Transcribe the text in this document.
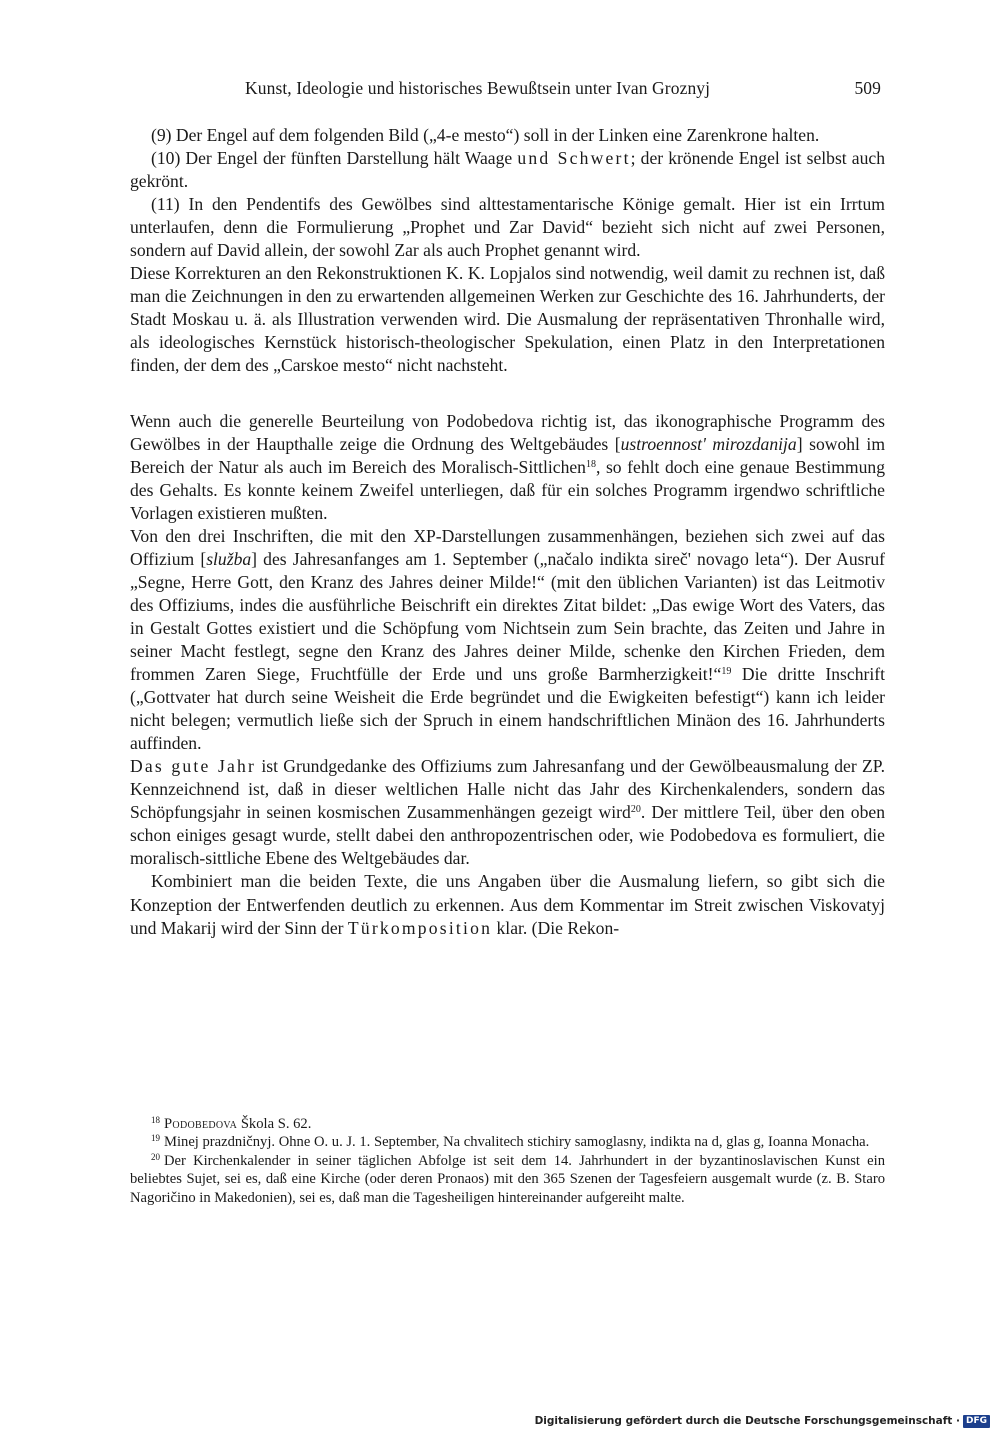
Kunst, Ideologie und historisches Bewußtsein unter Ivan Groznyj	509

(9) Der Engel auf dem folgenden Bild („4-e mesto“) soll in der Linken eine Zarenkrone halten.

(10) Der Engel der fünften Darstellung hält Waage und Schwert; der krönende Engel ist selbst auch gekrönt.

(11) In den Pendentifs des Gewölbes sind alttestamentarische Könige gemalt. Hier ist ein Irrtum unterlaufen, denn die Formulierung „Prophet und Zar David“ bezieht sich nicht auf zwei Personen, sondern auf David allein, der sowohl Zar als auch Prophet genannt wird.

Diese Korrekturen an den Rekonstruktionen K. K. Lopjalos sind notwendig, weil damit zu rechnen ist, daß man die Zeichnungen in den zu erwartenden allgemeinen Werken zur Geschichte des 16. Jahrhunderts, der Stadt Moskau u. ä. als Illustration verwenden wird. Die Ausmalung der repräsentativen Thronhalle wird, als ideologisches Kernstück historisch-theologischer Spekulation, einen Platz in den Interpretationen finden, der dem des „Carskoe mesto“ nicht nachsteht.

Wenn auch die generelle Beurteilung von Podobedova richtig ist, das ikonographische Programm des Gewölbes in der Haupthalle zeige die Ordnung des Weltgebäudes [ustroennost' mirozdanija] sowohl im Bereich der Natur als auch im Bereich des Moralisch-Sittlichen$^{18}$, so fehlt doch eine genaue Bestimmung des Gehalts. Es konnte keinem Zweifel unterliegen, daß für ein solches Programm irgendwo schriftliche Vorlagen existieren mußten.

Von den drei Inschriften, die mit den XP-Darstellungen zusammenhängen, beziehen sich zwei auf das Offizium [služba] des Jahresanfanges am 1. September („načalo indikta sireč' novago leta“). Der Ausruf „Segne, Herre Gott, den Kranz des Jahres deiner Milde!“ (mit den üblichen Varianten) ist das Leitmotiv des Offiziums, indes die ausführliche Beischrift ein direktes Zitat bildet: „Das ewige Wort des Vaters, das in Gestalt Gottes existiert und die Schöpfung vom Nichtsein zum Sein brachte, das Zeiten und Jahre in seiner Macht festlegt, segne den Kranz des Jahres deiner Milde, schenke den Kirchen Frieden, dem frommen Zaren Siege, Fruchtfülle der Erde und uns große Barmherzigkeit!“$^{19}$ Die dritte Inschrift („Gottvater hat durch seine Weisheit die Erde begründet und die Ewigkeiten befestigt“) kann ich leider nicht belegen; vermutlich ließe sich der Spruch in einem handschriftlichen Minäon des 16. Jahrhunderts auffinden.

Das gute Jahr ist Grundgedanke des Offiziums zum Jahresanfang und der Gewölbeausmalung der ZP. Kennzeichnend ist, daß in dieser weltlichen Halle nicht das Jahr des Kirchenkalenders, sondern das Schöpfungsjahr in seinen kosmischen Zusammenhängen gezeigt wird$^{20}$. Der mittlere Teil, über den oben schon einiges gesagt wurde, stellt dabei den anthropozentrischen oder, wie Podobedova es formuliert, die moralisch-sittliche Ebene des Weltgebäudes dar.

Kombiniert man die beiden Texte, die uns Angaben über die Ausmalung liefern, so gibt sich die Konzeption der Entwerfenden deutlich zu erkennen. Aus dem Kommentar im Streit zwischen Viskovatyj und Makarij wird der Sinn der Türkomposition klar. (Die Rekon-

$^{18}$ Podobedova Škola S. 62.

$^{19}$ Minej prazdničnyj. Ohne O. u. J. 1. September, Na chvalitech stichiry samoglasny, indikta na d, glas g, Ioanna Monacha.

$^{20}$ Der Kirchenkalender in seiner täglichen Abfolge ist seit dem 14. Jahrhundert in der byzantinoslavischen Kunst ein beliebtes Sujet, sei es, daß eine Kirche (oder deren Pronaos) mit den 365 Szenen der Tagesfeiern ausgemalt wurde (z. B. Staro Nagoričino in Makedonien), sei es, daß man die Tagesheiligen hintereinander aufgereiht malte.

Digitalisierung gefördert durch die Deutsche Forschungsgemeinschaft · DFG
